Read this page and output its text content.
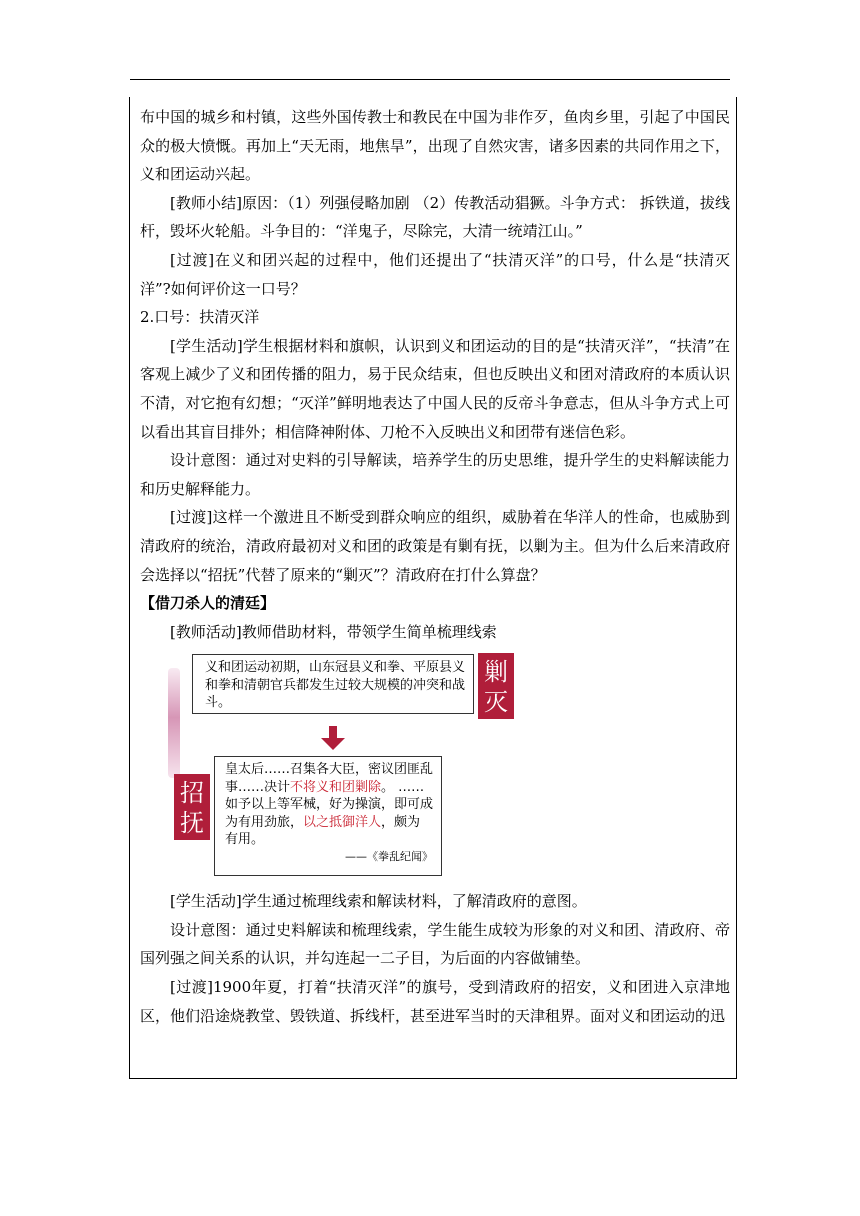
布中国的城乡和村镇，这些外国传教士和教民在中国为非作歹，鱼肉乡里，引起了中国民众的极大愤慨。再加上“天无雨，地焦旱”，出现了自然灾害，诸多因素的共同作用之下，义和团运动兴起。

[教师小结]原因：（1）列强侵略加剧 （2）传教活动猖獗。斗争方式： 拆铁道，拔线杆，毁坏火轮船。斗争目的：“洋鬼子，尽除完，大清一统靖江山。”

[过渡]在义和团兴起的过程中，他们还提出了“扶清灭洋”的口号，什么是“扶清灭洋”?如何评价这一口号？

2.口号：扶清灭洋

[学生活动]学生根据材料和旗帜，认识到义和团运动的目的是“扶清灭洋”，“扶清”在客观上减少了义和团传播的阻力，易于民众结束，但也反映出义和团对清政府的本质认识不清，对它抱有幻想；“灭洋”鲜明地表达了中国人民的反帝斗争意志，但从斗争方式上可以看出其盲目排外；相信降神附体、刀枪不入反映出义和团带有迷信色彩。

设计意图：通过对史料的引导解读，培养学生的历史思维，提升学生的史料解读能力和历史解释能力。

[过渡]这样一个激进且不断受到群众响应的组织，威胁着在华洋人的性命，也威胁到清政府的统治，清政府最初对义和团的政策是有剿有抚，以剿为主。但为什么后来清政府会选择以“招抚”代替了原来的“剿灭”？清政府在打什么算盘？

【借刀杀人的清廷】

[教师活动]教师借助材料，带领学生简单梳理线索

义和团运动初期，山东冠县义和拳、平原县义和拳和清朝官兵都发生过较大规模的冲突和战斗。
剿灭
招抚
皇太后……召集各大臣，密议团匪乱事……决计不将义和团剿除。 ……如予以上等军械，好为操演，即可成为有用劲旅，以之抵御洋人，颇为有用。
——《拳乱纪闻》

[学生活动]学生通过梳理线索和解读材料，了解清政府的意图。

设计意图：通过史料解读和梳理线索，学生能生成较为形象的对义和团、清政府、帝国列强之间关系的认识，并勾连起一二子目，为后面的内容做铺垫。

[过渡]1900年夏，打着“扶清灭洋”的旗号，受到清政府的招安，义和团进入京津地区，他们沿途烧教堂、毁铁道、拆线杆，甚至进军当时的天津租界。面对义和团运动的迅
